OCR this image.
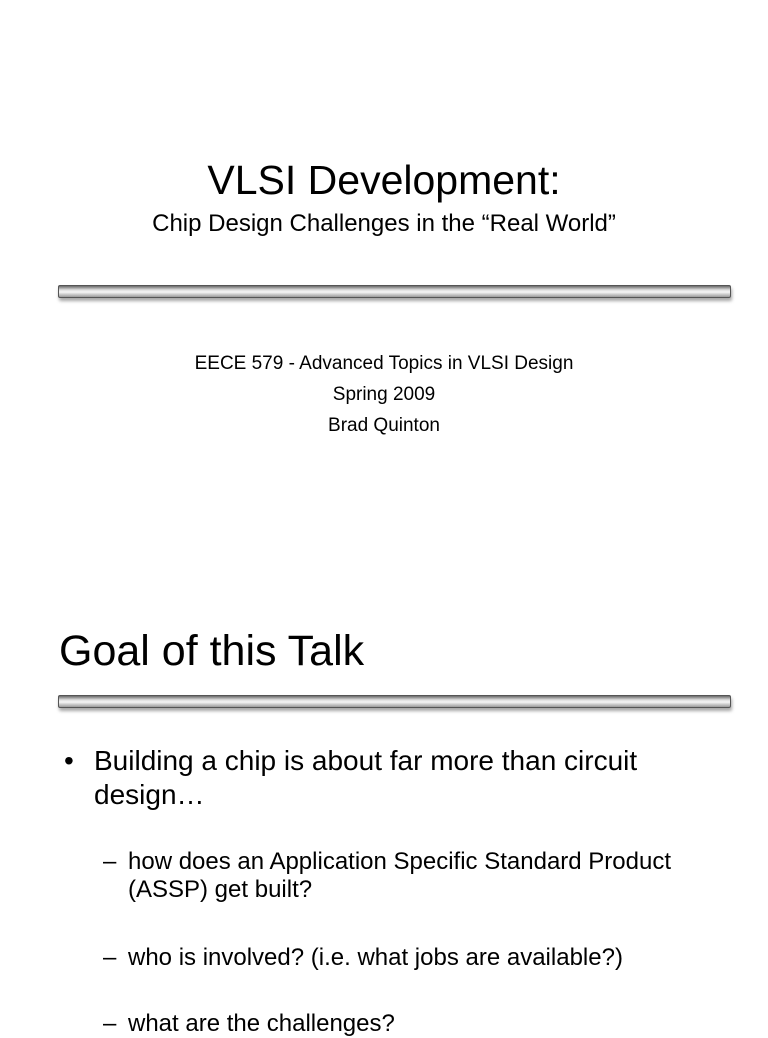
VLSI Development:
Chip Design Challenges in the “Real World”
EECE 579 - Advanced Topics in VLSI Design
Spring 2009
Brad Quinton
Goal of this Talk
• Building a chip is about far more than circuit design…
– how does an Application Specific Standard Product (ASSP) get built?
– who is involved? (i.e. what jobs are available?)
– what are the challenges?
